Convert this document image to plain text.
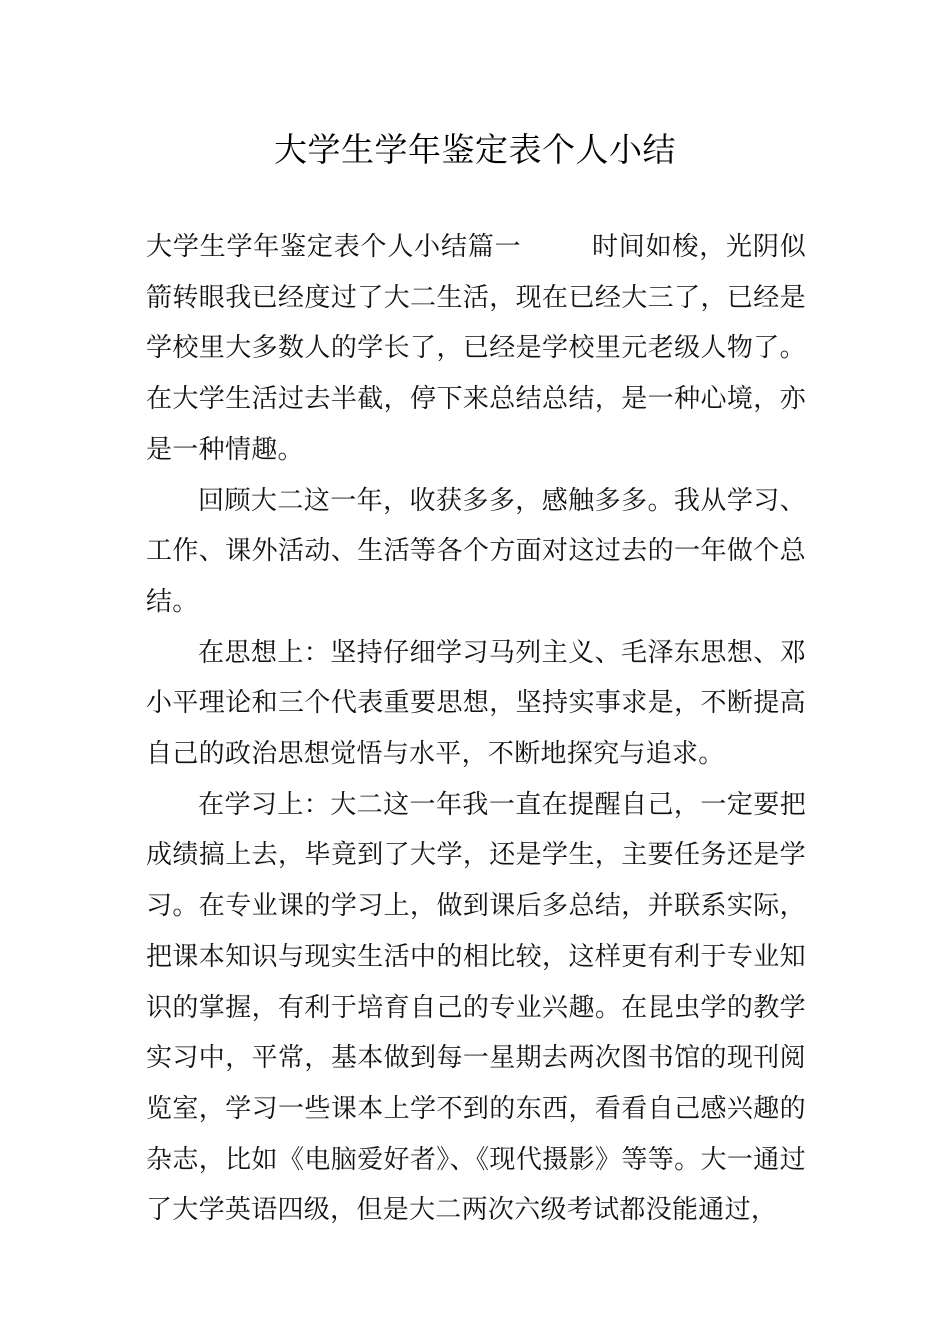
大学生学年鉴定表个人小结

大学生学年鉴定表个人小结篇一	时间如梭，光阴似箭转眼我已经度过了大二生活，现在已经大三了，已经是学校里大多数人的学长了，已经是学校里元老级人物了。在大学生活过去半截，停下来总结总结，是一种心境，亦是一种情趣。

回顾大二这一年，收获多多，感触多多。我从学习、工作、课外活动、生活等各个方面对这过去的一年做个总结。

在思想上：坚持仔细学习马列主义、毛泽东思想、邓小平理论和三个代表重要思想，坚持实事求是，不断提高自己的政治思想觉悟与水平，不断地探究与追求。

在学习上：大二这一年我一直在提醒自己，一定要把成绩搞上去，毕竟到了大学，还是学生，主要任务还是学习。在专业课的学习上，做到课后多总结，并联系实际，把课本知识与现实生活中的相比较，这样更有利于专业知识的掌握，有利于培育自己的专业兴趣。在昆虫学的教学实习中，平常，基本做到每一星期去两次图书馆的现刊阅览室，学习一些课本上学不到的东西，看看自己感兴趣的杂志，比如《电脑爱好者》、《现代摄影》等等。大一通过了大学英语四级，但是大二两次六级考试都没能通过，
